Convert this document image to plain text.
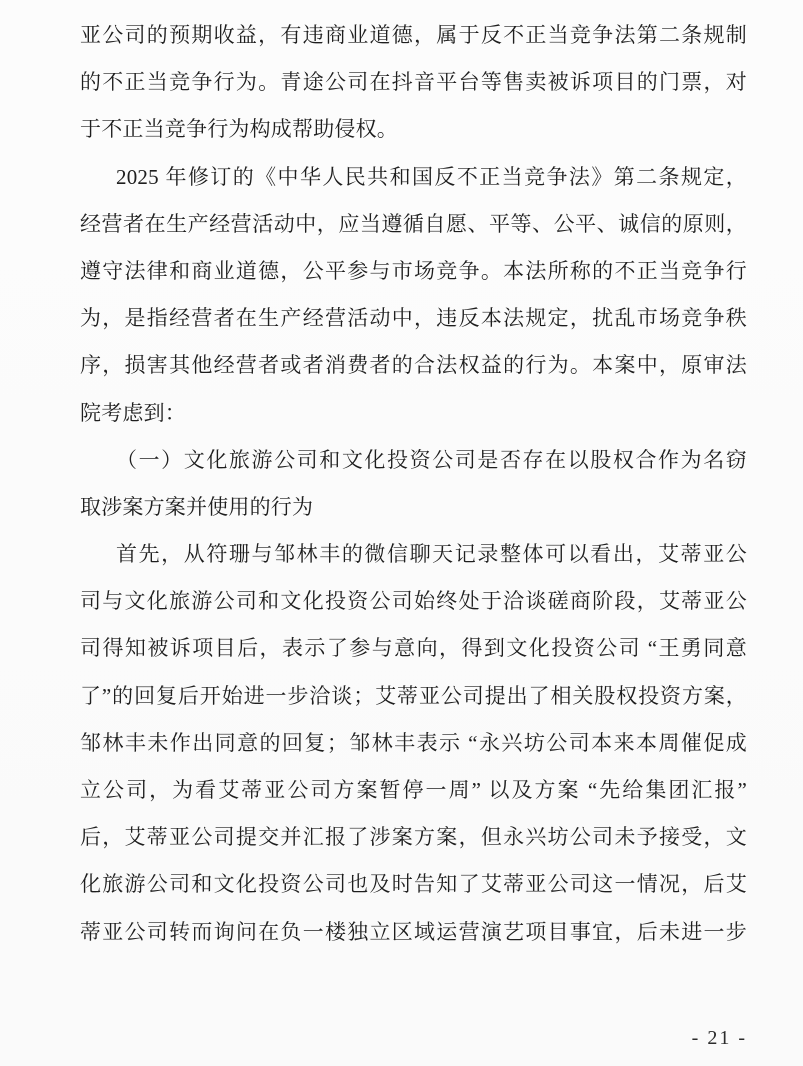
亚公司的预期收益，有违商业道德，属于反不正当竞争法第二条规制
的不正当竞争行为。青途公司在抖音平台等售卖被诉项目的门票，对
于不正当竞争行为构成帮助侵权。
2025 年修订的《中华人民共和国反不正当竞争法》第二条规定，
经营者在生产经营活动中，应当遵循自愿、平等、公平、诚信的原则，
遵守法律和商业道德，公平参与市场竞争。本法所称的不正当竞争行
为，是指经营者在生产经营活动中，违反本法规定，扰乱市场竞争秩
序，损害其他经营者或者消费者的合法权益的行为。本案中，原审法
院考虑到：
（一）文化旅游公司和文化投资公司是否存在以股权合作为名窃
取涉案方案并使用的行为
首先，从符珊与邹林丰的微信聊天记录整体可以看出，艾蒂亚公
司与文化旅游公司和文化投资公司始终处于洽谈磋商阶段，艾蒂亚公
司得知被诉项目后，表示了参与意向，得到文化投资公司 “王勇同意
了”的回复后开始进一步洽谈；艾蒂亚公司提出了相关股权投资方案，
邹林丰未作出同意的回复；邹林丰表示 “永兴坊公司本来本周催促成
立公司，为看艾蒂亚公司方案暂停一周” 以及方案 “先给集团汇报”
后，艾蒂亚公司提交并汇报了涉案方案，但永兴坊公司未予接受，文
化旅游公司和文化投资公司也及时告知了艾蒂亚公司这一情况，后艾
蒂亚公司转而询问在负一楼独立区域运营演艺项目事宜，后未进一步
- 21 -
